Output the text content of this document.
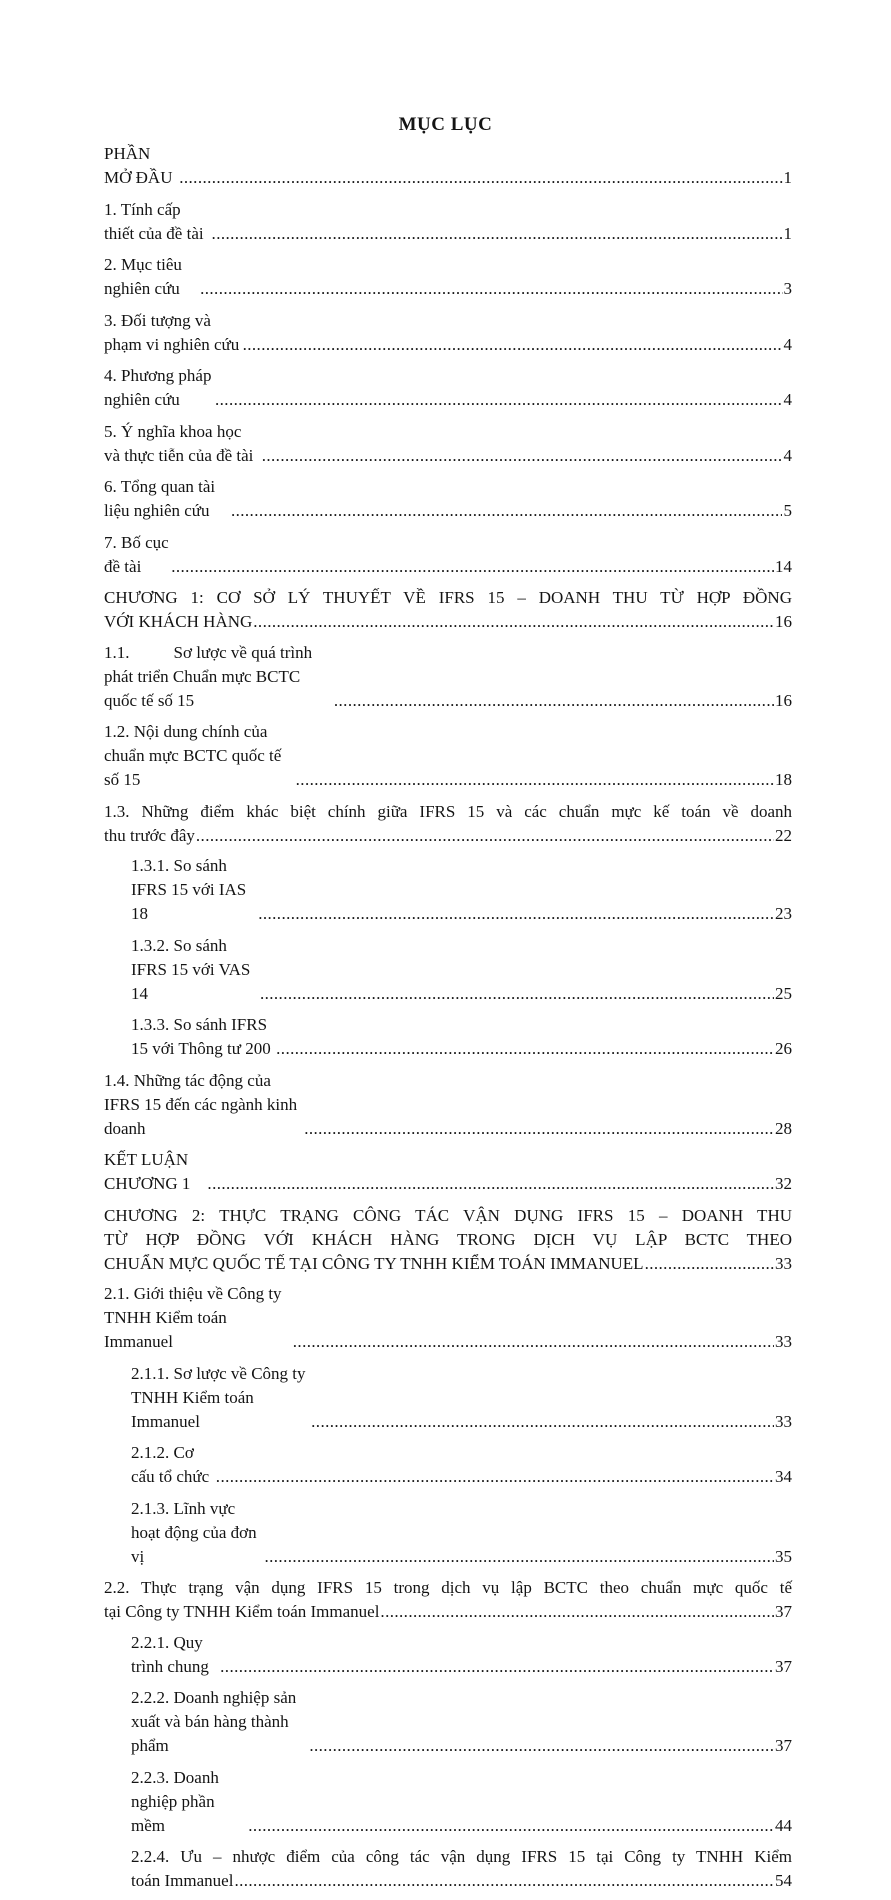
MỤC LỤC
PHẦN MỞ ĐẦU .....	1
1. Tính cấp thiết của đề tài .....	1
2. Mục tiêu nghiên cứu .....	3
3. Đối tượng và phạm vi nghiên cứu .....	4
4. Phương pháp nghiên cứu .....	4
5. Ý nghĩa khoa học và thực tiễn của đề tài .....	4
6. Tổng quan tài liệu nghiên cứu .....	5
7. Bố cục đề tài .....	14
CHƯƠNG 1: CƠ SỞ LÝ THUYẾT VỀ IFRS 15 – DOANH THU TỪ HỢP ĐỒNG
VỚI KHÁCH HÀNG .....	16
1.1.	Sơ lược về quá trình phát triển Chuẩn mực BCTC quốc tế số 15 .....	16
1.2. Nội dung chính của chuẩn mực BCTC quốc tế số 15 .....	18
1.3. Những điểm khác biệt chính giữa IFRS 15 và các chuẩn mực kế toán về doanh
thu trước đây .....	22
1.3.1. So sánh IFRS 15 với IAS 18 .....	23
1.3.2. So sánh IFRS 15 với VAS 14 .....	25
1.3.3. So sánh IFRS 15 với Thông tư 200 .....	26
1.4. Những tác động của IFRS 15 đến các ngành kinh doanh .....	28
KẾT LUẬN CHƯƠNG 1 .....	32
CHƯƠNG 2: THỰC TRẠNG CÔNG TÁC VẬN DỤNG IFRS 15 – DOANH THU
TỪ HỢP ĐỒNG VỚI KHÁCH HÀNG TRONG DỊCH VỤ LẬP BCTC THEO
CHUẨN MỰC QUỐC TẾ TẠI CÔNG TY TNHH KIỂM TOÁN IMMANUEL .....	33
2.1. Giới thiệu về Công ty TNHH Kiểm toán Immanuel .....	33
2.1.1. Sơ lược về Công ty TNHH Kiểm toán Immanuel .....	33
2.1.2. Cơ cấu tổ chức .....	34
2.1.3. Lĩnh vực hoạt động của đơn vị .....	35
2.2. Thực trạng vận dụng IFRS 15 trong dịch vụ lập BCTC theo chuẩn mực quốc tế
tại Công ty TNHH Kiểm toán Immanuel .....	37
2.2.1. Quy trình chung .....	37
2.2.2. Doanh nghiệp sản xuất và bán hàng thành phẩm .....	37
2.2.3. Doanh nghiệp phần mềm .....	44
2.2.4. Ưu – nhược điểm của công tác vận dụng IFRS 15 tại Công ty TNHH Kiểm
toán Immanuel .....	54
